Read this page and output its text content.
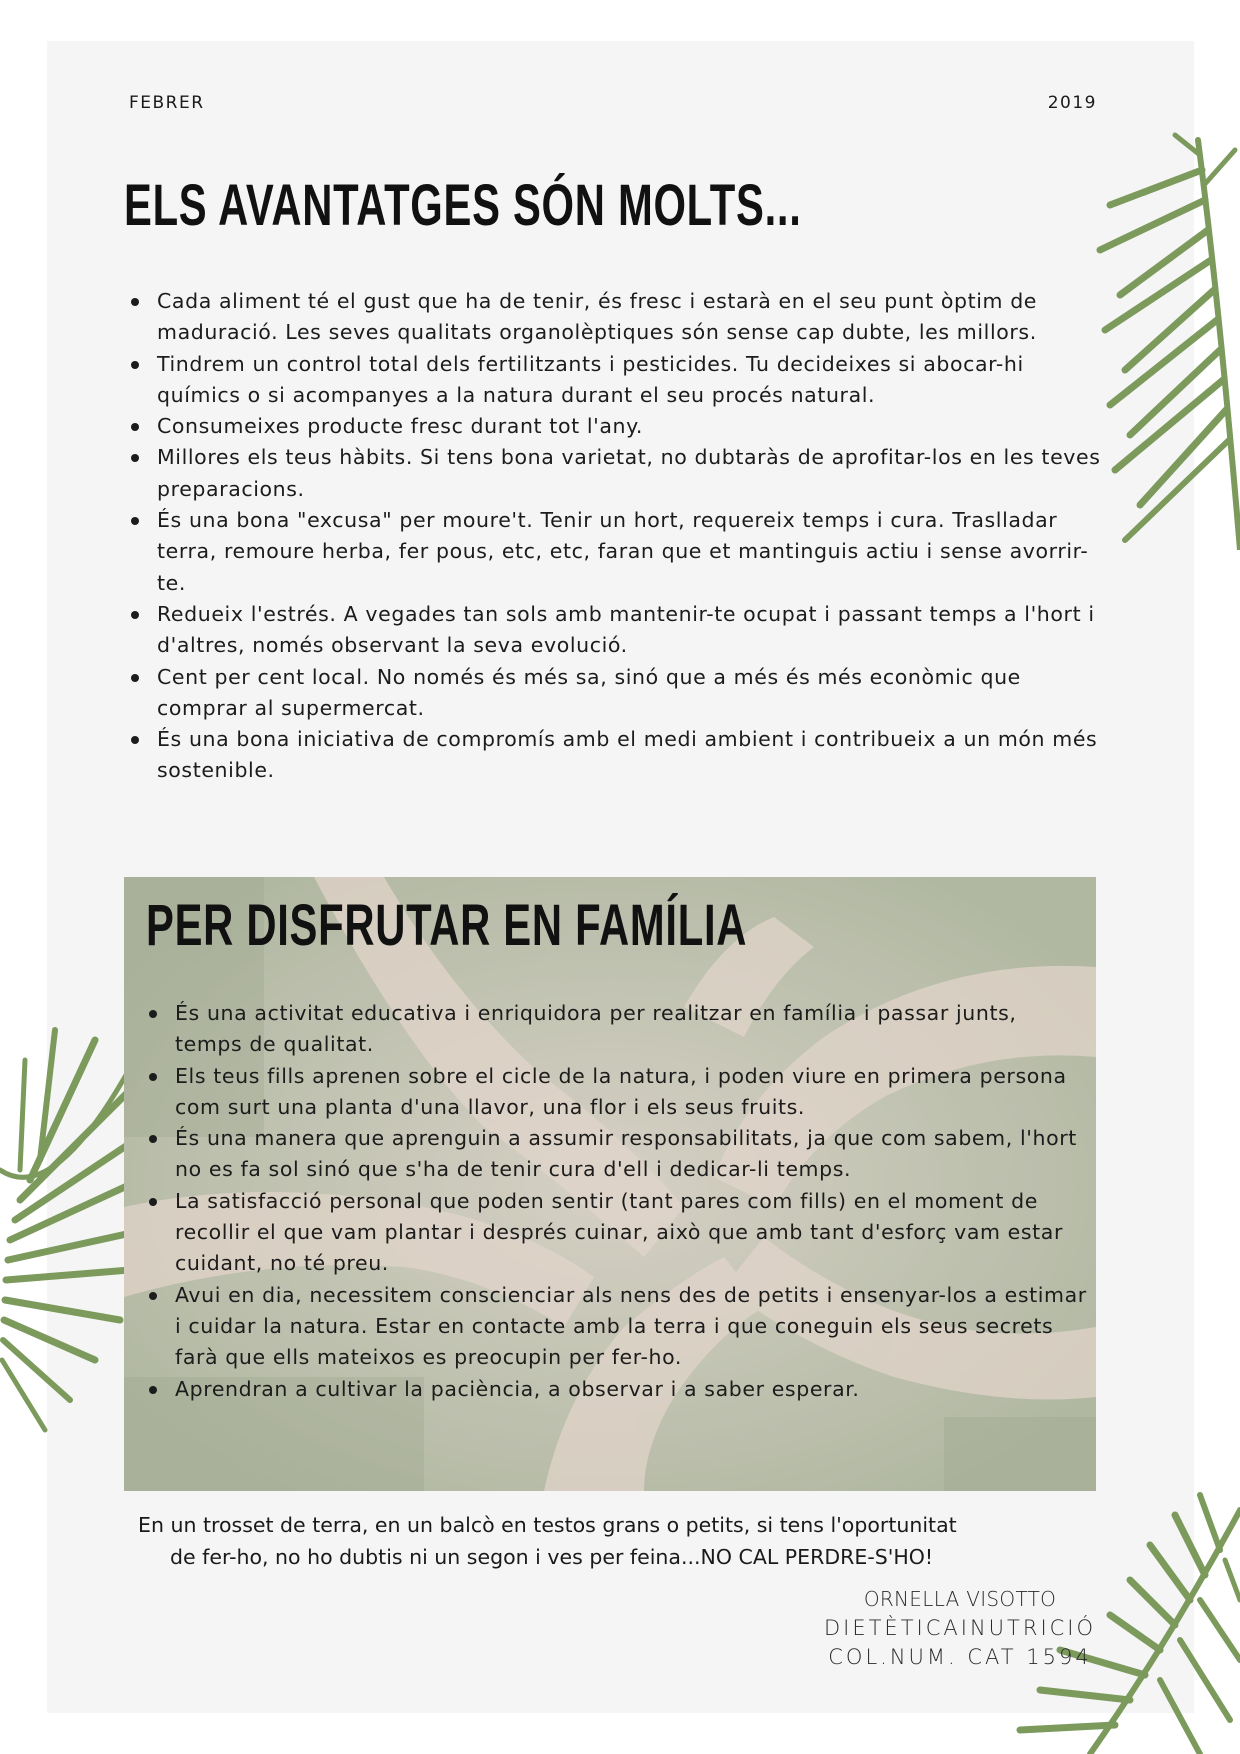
FEBRER	2019
ELS AVANTATGES SÓN MOLTS...
Cada aliment té el gust que ha de tenir, és fresc i estarà en el seu punt òptim de maduració. Les seves qualitats organolèptiques són sense cap dubte, les millors.
Tindrem un control total dels fertilitzants i pesticides. Tu decideixes si abocar-hi químics o si acompanyes a la natura durant el seu procés natural.
Consumeixes producte fresc durant tot l'any.
Millores els teus hàbits. Si tens bona varietat, no dubtaràs de aprofitar-los en les teves preparacions.
És una bona "excusa" per moure't. Tenir un hort, requereix temps i cura. Traslladar terra, remoure herba, fer pous, etc, etc, faran que et mantinguis actiu i sense avorrir-te.
Redueix l'estrés. A vegades tan sols amb mantenir-te ocupat i passant temps a l'hort i d'altres, només observant la seva evolució.
Cent per cent local. No només és més sa, sinó que a més és més econòmic que comprar al supermercat.
És una bona iniciativa de compromís amb el medi ambient i contribueix a un món més sostenible.
PER DISFRUTAR EN FAMÍLIA
És una activitat educativa i enriquidora per realitzar en família i passar junts, temps de qualitat.
Els teus fills aprenen sobre el cicle de la natura, i poden viure en primera persona com surt una planta d'una llavor, una flor i els seus fruits.
És una manera que aprenguin a assumir responsabilitats, ja que com sabem, l'hort no es fa sol sinó que s'ha de tenir cura d'ell i dedicar-li temps.
La satisfacció personal que poden sentir (tant pares com fills) en el moment de recollir el que vam plantar i després cuinar, això que amb tant d'esforç vam estar cuidant, no té preu.
Avui en dia, necessitem conscienciar als nens des de petits i ensenyar-los a estimar i cuidar la natura. Estar en contacte amb la terra i que coneguin els seus secrets farà que ells mateixos es preocupin per fer-ho.
Aprendran a cultivar la paciència, a observar i a saber esperar.

En un trosset de terra, en un balcò en testos grans o petits, si tens l'oportunitat

de fer-ho, no ho dubtis ni un segon i ves per feina...NO CAL PERDRE-S'HO!

ORNELLA VISOTTO
DIETÈTICAINUTRICIÓ
COL.NUM. CAT 1594
